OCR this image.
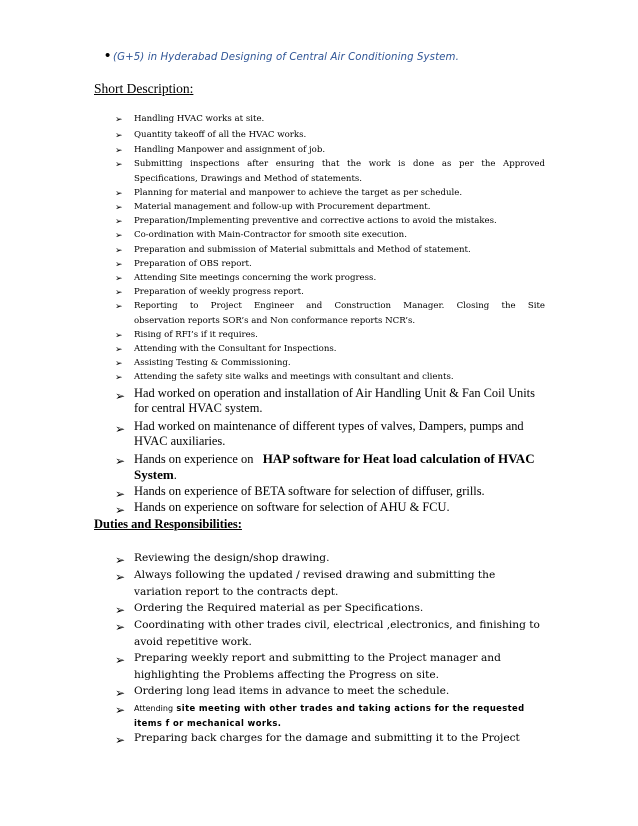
• (G+5) in Hyderabad Designing of Central Air Conditioning System.
Short Description:
➢ Handling HVAC works at site.
➢ Quantity takeoff of all the HVAC works.
➢ Handling Manpower and assignment of job.
➢ Submitting inspections after ensuring that the work is done as per the Approved
Specifications, Drawings and Method of statements.
➢ Planning for material and manpower to achieve the target as per schedule.
➢ Material management and follow-up with Procurement department.
➢ Preparation/Implementing preventive and corrective actions to avoid the mistakes.
➢ Co-ordination with Main-Contractor for smooth site execution.
➢ Preparation and submission of Material submittals and Method of statement.
➢ Preparation of OBS report.
➢ Attending Site meetings concerning the work progress.
➢ Preparation of weekly progress report.
➢ Reporting to Project Engineer and Construction Manager. Closing the Site
observation reports SOR’s and Non conformance reports NCR’s.
➢ Rising of RFI’s if it requires.
➢ Attending with the Consultant for Inspections.
➢ Assisting Testing & Commissioning.
➢ Attending the safety site walks and meetings with consultant and clients.
➢ Had worked on operation and installation of Air Handling Unit & Fan Coil Units
for central HVAC system.
➢ Had worked on maintenance of different types of valves, Dampers, pumps and
HVAC auxiliaries.
➢ Hands on experience on HAP software for Heat load calculation of HVAC
System.
➢ Hands on experience of BETA software for selection of diffuser, grills.
➢ Hands on experience on software for selection of AHU & FCU.
Duties and Responsibilities:
➢ Reviewing the design/shop drawing.
➢ Always following the updated / revised drawing and submitting the
variation report to the contracts dept.
➢ Ordering the Required material as per Specifications.
➢ Coordinating with other trades civil, electrical ,electronics, and finishing to
avoid repetitive work.
➢ Preparing weekly report and submitting to the Project manager and
highlighting the Problems affecting the Progress on site.
➢ Ordering long lead items in advance to meet the schedule.
➢ Attending site meeting with other trades and taking actions for the requested
items f or mechanical works.
➢ Preparing back charges for the damage and submitting it to the Project
